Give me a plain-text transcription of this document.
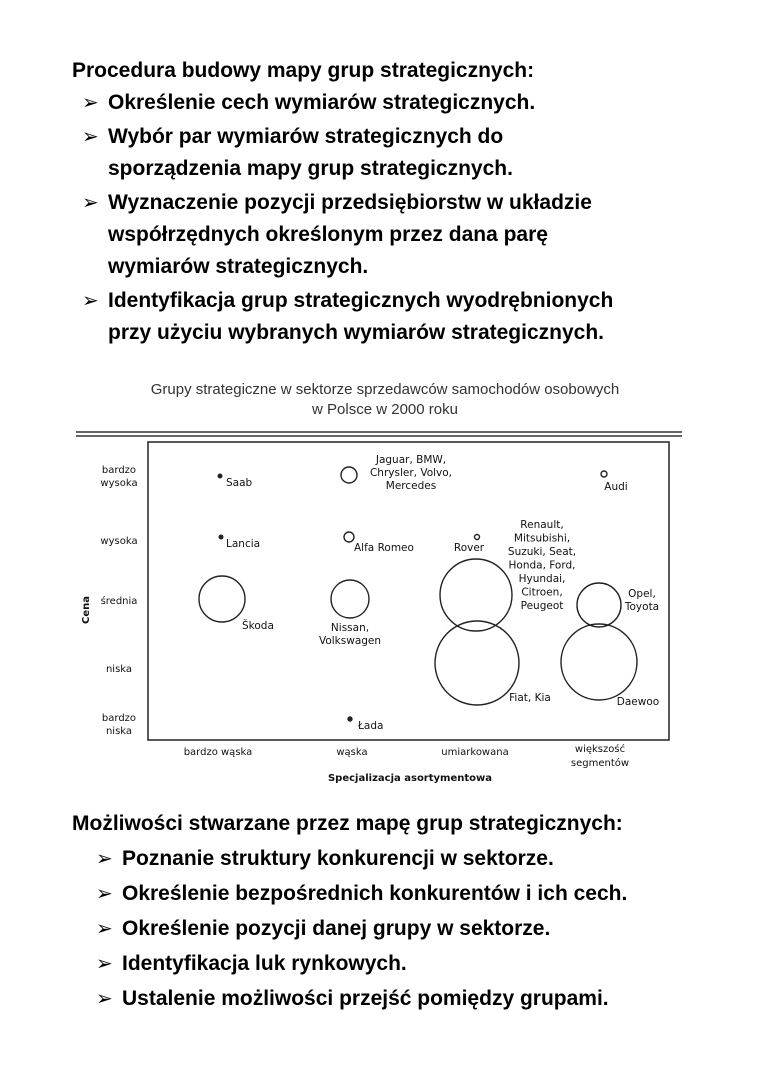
Procedura budowy mapy grup strategicznych:
➢ Określenie cech wymiarów strategicznych.
➢ Wybór par wymiarów strategicznych do
sporządzenia mapy grup strategicznych.
➢ Wyznaczenie pozycji przedsiębiorstw w układzie
współrzędnych określonym przez dana parę
wymiarów strategicznych.
➢ Identyfikacja grup strategicznych wyodrębnionych
przy użyciu wybranych wymiarów strategicznych.
Grupy strategiczne w sektorze sprzedawców samochodów osobowych
w Polsce w 2000 roku
bardzo niska
niska
średnia
wysoka
bardzo wysoka
Cena
bardzo wąska	wąska	umiarkowana	większość segmentów
Specjalizacja asortymentowa
Saab
Jaguar, BMW, Chrysler, Volvo, Mercedes	Audi
Lancia	Alfa Romeo	Rover
Renault, Mitsubishi, Suzuki, Seat, Honda, Ford, Hyundai, Citroen, Peugeot
Škoda	Nissan, Volkswagen
Opel, Toyota
Fiat, Kia	Daewoo
Łada
Możliwości stwarzane przez mapę grup strategicznych:
➢ Poznanie struktury konkurencji w sektorze.
➢ Określenie bezpośrednich konkurentów i ich cech.
➢ Określenie pozycji danej grupy w sektorze.
➢ Identyfikacja luk rynkowych.
➢ Ustalenie możliwości przejść pomiędzy grupami.
